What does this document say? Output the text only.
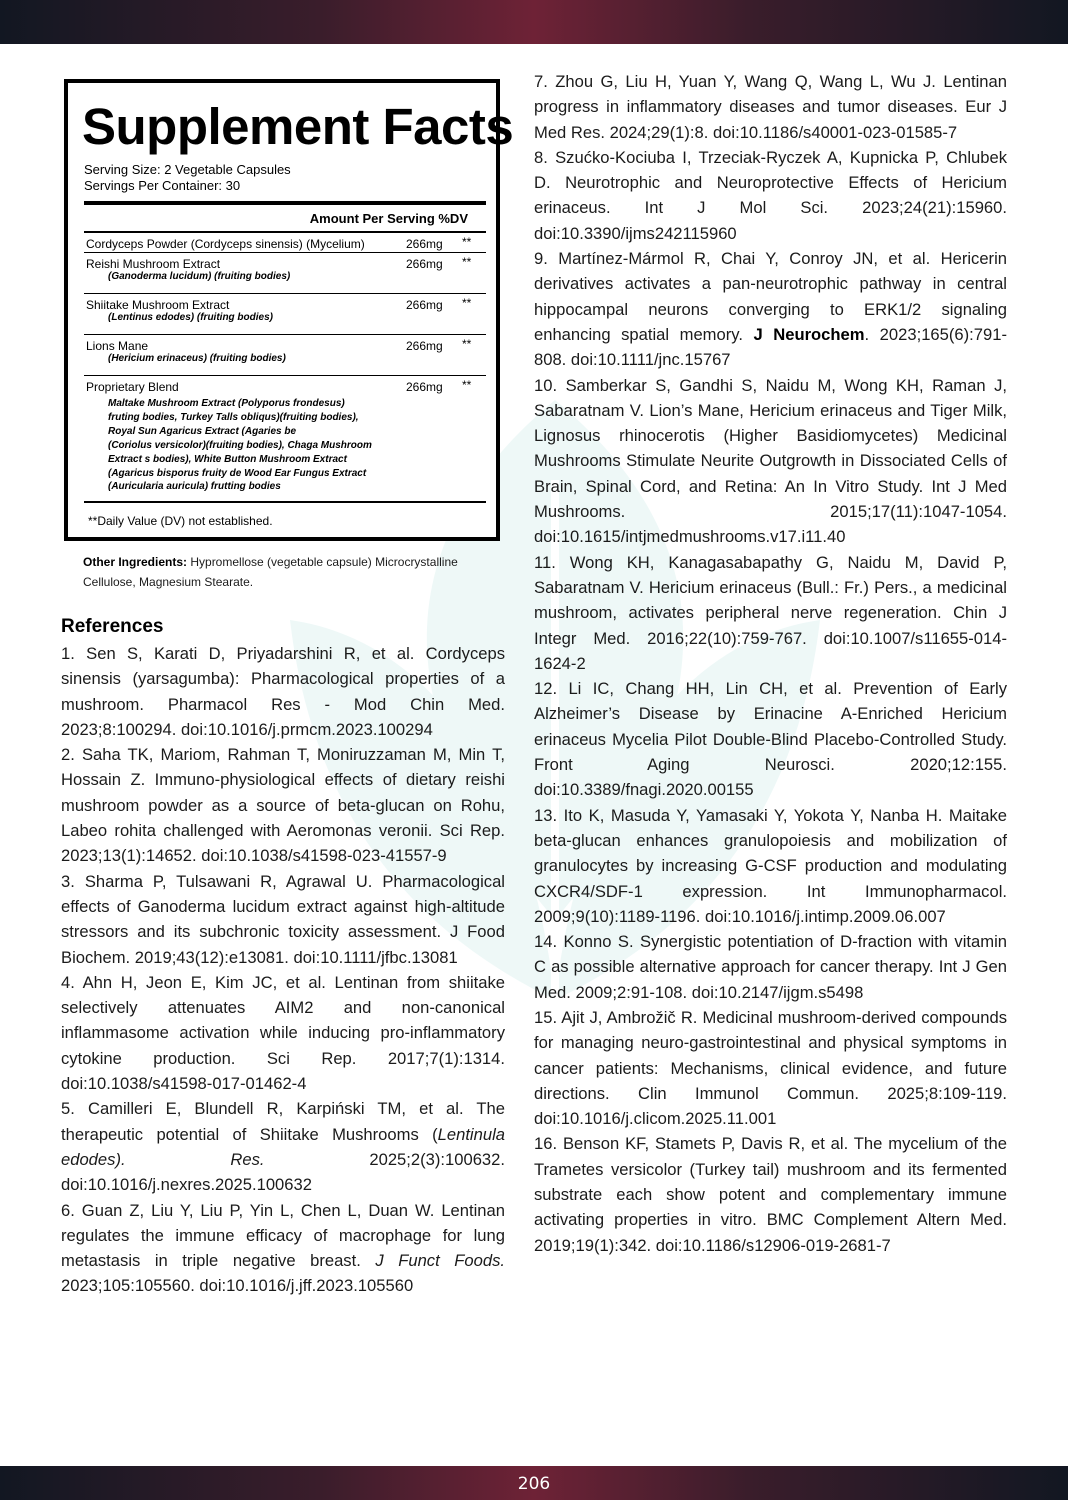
Supplement Facts
Serving Size: 2 Vegetable Capsules
Servings Per Container: 30
Amount Per Serving %DV
Cordyceps Powder (Cordyceps sinensis) (Mycelium)	266mg **
Reishi Mushroom Extract	266mg **
(Ganoderma lucidum) (fruiting bodies)
Shiitake Mushroom Extract	266mg **
(Lentinus edodes) (fruiting bodies)
Lions Mane	266mg **
(Hericium erinaceus) (fruiting bodies)
Proprietary Blend	266mg **
Maltake Mushroom Extract (Polyporus frondesus)
fruting bodies, Turkey Talls obliqus)(fruiting bodies),
Royal Sun Agaricus Extract (Agaries be
(Coriolus versicolor)(fruiting bodies), Chaga Mushroom
Extract s bodies), White Button Mushroom Extract
(Agaricus bisporus fruity de Wood Ear Fungus Extract
(Auricularia auricula) frutting bodies
**Daily Value (DV) not established.
Other Ingredients: Hypromellose (vegetable capsule) Microcrystalline Cellulose, Magnesium Stearate.
References

1. Sen S, Karati D, Priyadarshini R, et al. Cordyceps sinensis (yarsagumba): Pharmacological properties of a mushroom. Pharmacol Res - Mod Chin Med. 2023;8:100294. doi:10.1016/j.prmcm.2023.100294

2. Saha TK, Mariom, Rahman T, Moniruzzaman M, Min T, Hossain Z. Immuno-physiological effects of dietary reishi mushroom powder as a source of beta-glucan on Rohu, Labeo rohita challenged with Aeromonas veronii. Sci Rep. 2023;13(1):14652. doi:10.1038/s41598-023-41557-9

3. Sharma P, Tulsawani R, Agrawal U. Pharmacological effects of Ganoderma lucidum extract against high-altitude stressors and its subchronic toxicity assessment. J Food Biochem. 2019;43(12):e13081. doi:10.1111/jfbc.13081

4. Ahn H, Jeon E, Kim JC, et al. Lentinan from shiitake selectively attenuates AIM2 and non-canonical inflammasome activation while inducing pro-inflammatory cytokine production. Sci Rep. 2017;7(1):1314. doi:10.1038/s41598-017-01462-4

5. Camilleri E, Blundell R, Karpiński TM, et al. The therapeutic potential of Shiitake Mushrooms (Lentinula edodes). Res. 2025;2(3):100632. doi:10.1016/j.nexres.2025.100632

6. Guan Z, Liu Y, Liu P, Yin L, Chen L, Duan W. Lentinan regulates the immune efficacy of macrophage for lung metastasis in triple negative breast. J Funct Foods. 2023;105:105560. doi:10.1016/j.jff.2023.105560

7. Zhou G, Liu H, Yuan Y, Wang Q, Wang L, Wu J. Lentinan progress in inflammatory diseases and tumor diseases. Eur J Med Res. 2024;29(1):8. doi:10.1186/s40001-023-01585-7

8. Szućko-Kociuba I, Trzeciak-Ryczek A, Kupnicka P, Chlubek D. Neurotrophic and Neuroprotective Effects of Hericium erinaceus. Int J Mol Sci. 2023;24(21):15960. doi:10.3390/ijms242115960

9. Martínez-Mármol R, Chai Y, Conroy JN, et al. Hericerin derivatives activates a pan-neurotrophic pathway in central hippocampal neurons converging to ERK1/2 signaling enhancing spatial memory. J Neurochem. 2023;165(6):791-808. doi:10.1111/jnc.15767

10. Samberkar S, Gandhi S, Naidu M, Wong KH, Raman J, Sabaratnam V. Lion’s Mane, Hericium erinaceus and Tiger Milk, Lignosus rhinocerotis (Higher Basidiomycetes) Medicinal Mushrooms Stimulate Neurite Outgrowth in Dissociated Cells of Brain, Spinal Cord, and Retina: An In Vitro Study. Int J Med Mushrooms. 2015;17(11):1047-1054. doi:10.1615/intjmedmushrooms.v17.i11.40

11. Wong KH, Kanagasabapathy G, Naidu M, David P, Sabaratnam V. Hericium erinaceus (Bull.: Fr.) Pers., a medicinal mushroom, activates peripheral nerve regeneration. Chin J Integr Med. 2016;22(10):759-767. doi:10.1007/s11655-014-1624-2

12. Li IC, Chang HH, Lin CH, et al. Prevention of Early Alzheimer’s Disease by Erinacine A-Enriched Hericium erinaceus Mycelia Pilot Double-Blind Placebo-Controlled Study. Front Aging Neurosci. 2020;12:155. doi:10.3389/fnagi.2020.00155

13. Ito K, Masuda Y, Yamasaki Y, Yokota Y, Nanba H. Maitake beta-glucan enhances granulopoiesis and mobilization of granulocytes by increasing G-CSF production and modulating CXCR4/SDF-1 expression. Int Immunopharmacol. 2009;9(10):1189-1196. doi:10.1016/j.intimp.2009.06.007

14. Konno S. Synergistic potentiation of D-fraction with vitamin C as possible alternative approach for cancer therapy. Int J Gen Med. 2009;2:91-108. doi:10.2147/ijgm.s5498

15. Ajit J, Ambrožič R. Medicinal mushroom-derived compounds for managing neuro-gastrointestinal and physical symptoms in cancer patients: Mechanisms, clinical evidence, and future directions. Clin Immunol Commun. 2025;8:109-119. doi:10.1016/j.clicom.2025.11.001

16. Benson KF, Stamets P, Davis R, et al. The mycelium of the Trametes versicolor (Turkey tail) mushroom and its fermented substrate each show potent and complementary immune activating properties in vitro. BMC Complement Altern Med. 2019;19(1):342. doi:10.1186/s12906-019-2681-7

206
